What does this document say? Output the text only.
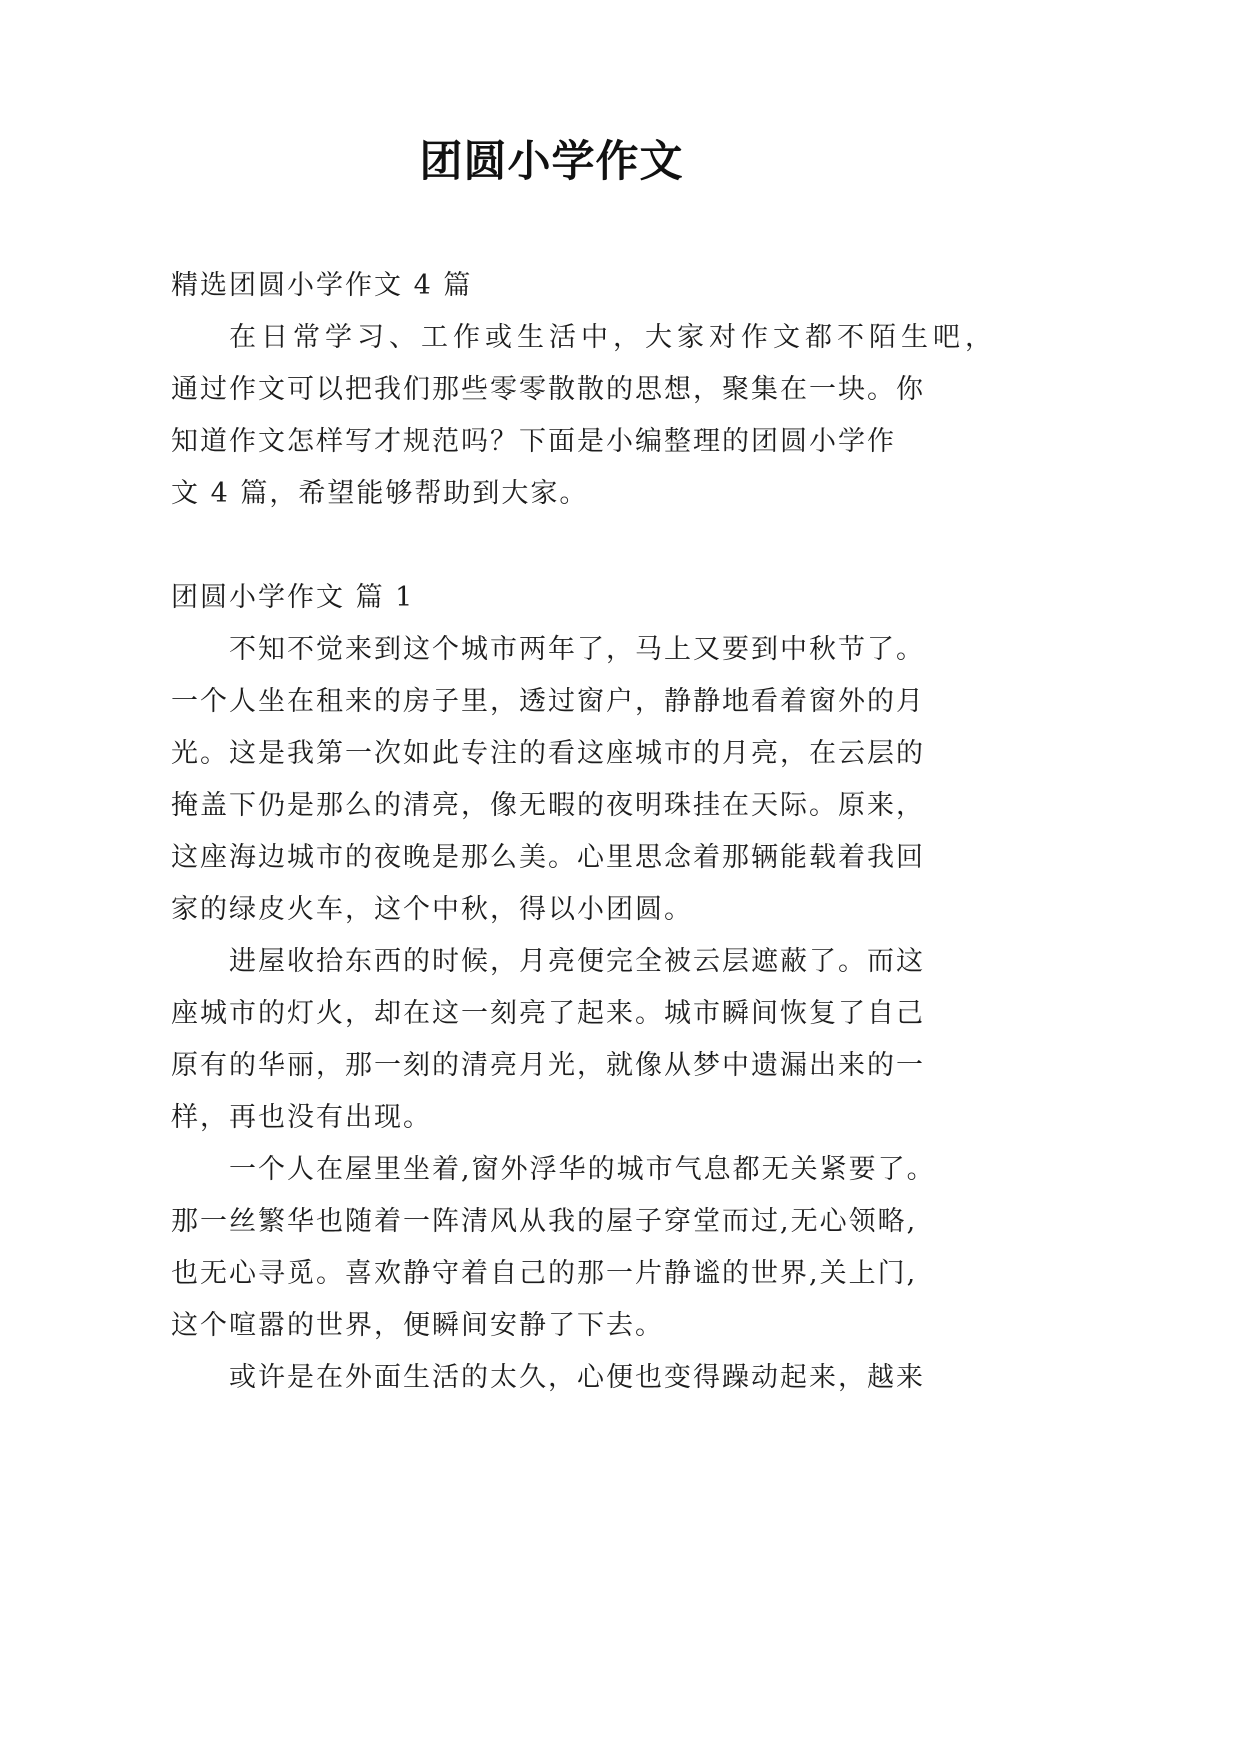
团圆小学作文
精选团圆小学作文 4 篇
在日常学习、工作或生活中，大家对作文都不陌生吧，
通过作文可以把我们那些零零散散的思想，聚集在一块。你
知道作文怎样写才规范吗？下面是小编整理的团圆小学作
文 4 篇，希望能够帮助到大家。
团圆小学作文 篇 1
不知不觉来到这个城市两年了，马上又要到中秋节了。
一个人坐在租来的房子里，透过窗户，静静地看着窗外的月
光。这是我第一次如此专注的看这座城市的月亮，在云层的
掩盖下仍是那么的清亮，像无暇的夜明珠挂在天际。原来，
这座海边城市的夜晚是那么美。心里思念着那辆能载着我回
家的绿皮火车，这个中秋，得以小团圆。
进屋收拾东西的时候，月亮便完全被云层遮蔽了。而这
座城市的灯火，却在这一刻亮了起来。城市瞬间恢复了自己
原有的华丽，那一刻的清亮月光，就像从梦中遗漏出来的一
样，再也没有出现。
一个人在屋里坐着,窗外浮华的城市气息都无关紧要了。
那一丝繁华也随着一阵清风从我的屋子穿堂而过,无心领略,
也无心寻觅。喜欢静守着自己的那一片静谧的世界,关上门,
这个喧嚣的世界，便瞬间安静了下去。
或许是在外面生活的太久，心便也变得躁动起来，越来
